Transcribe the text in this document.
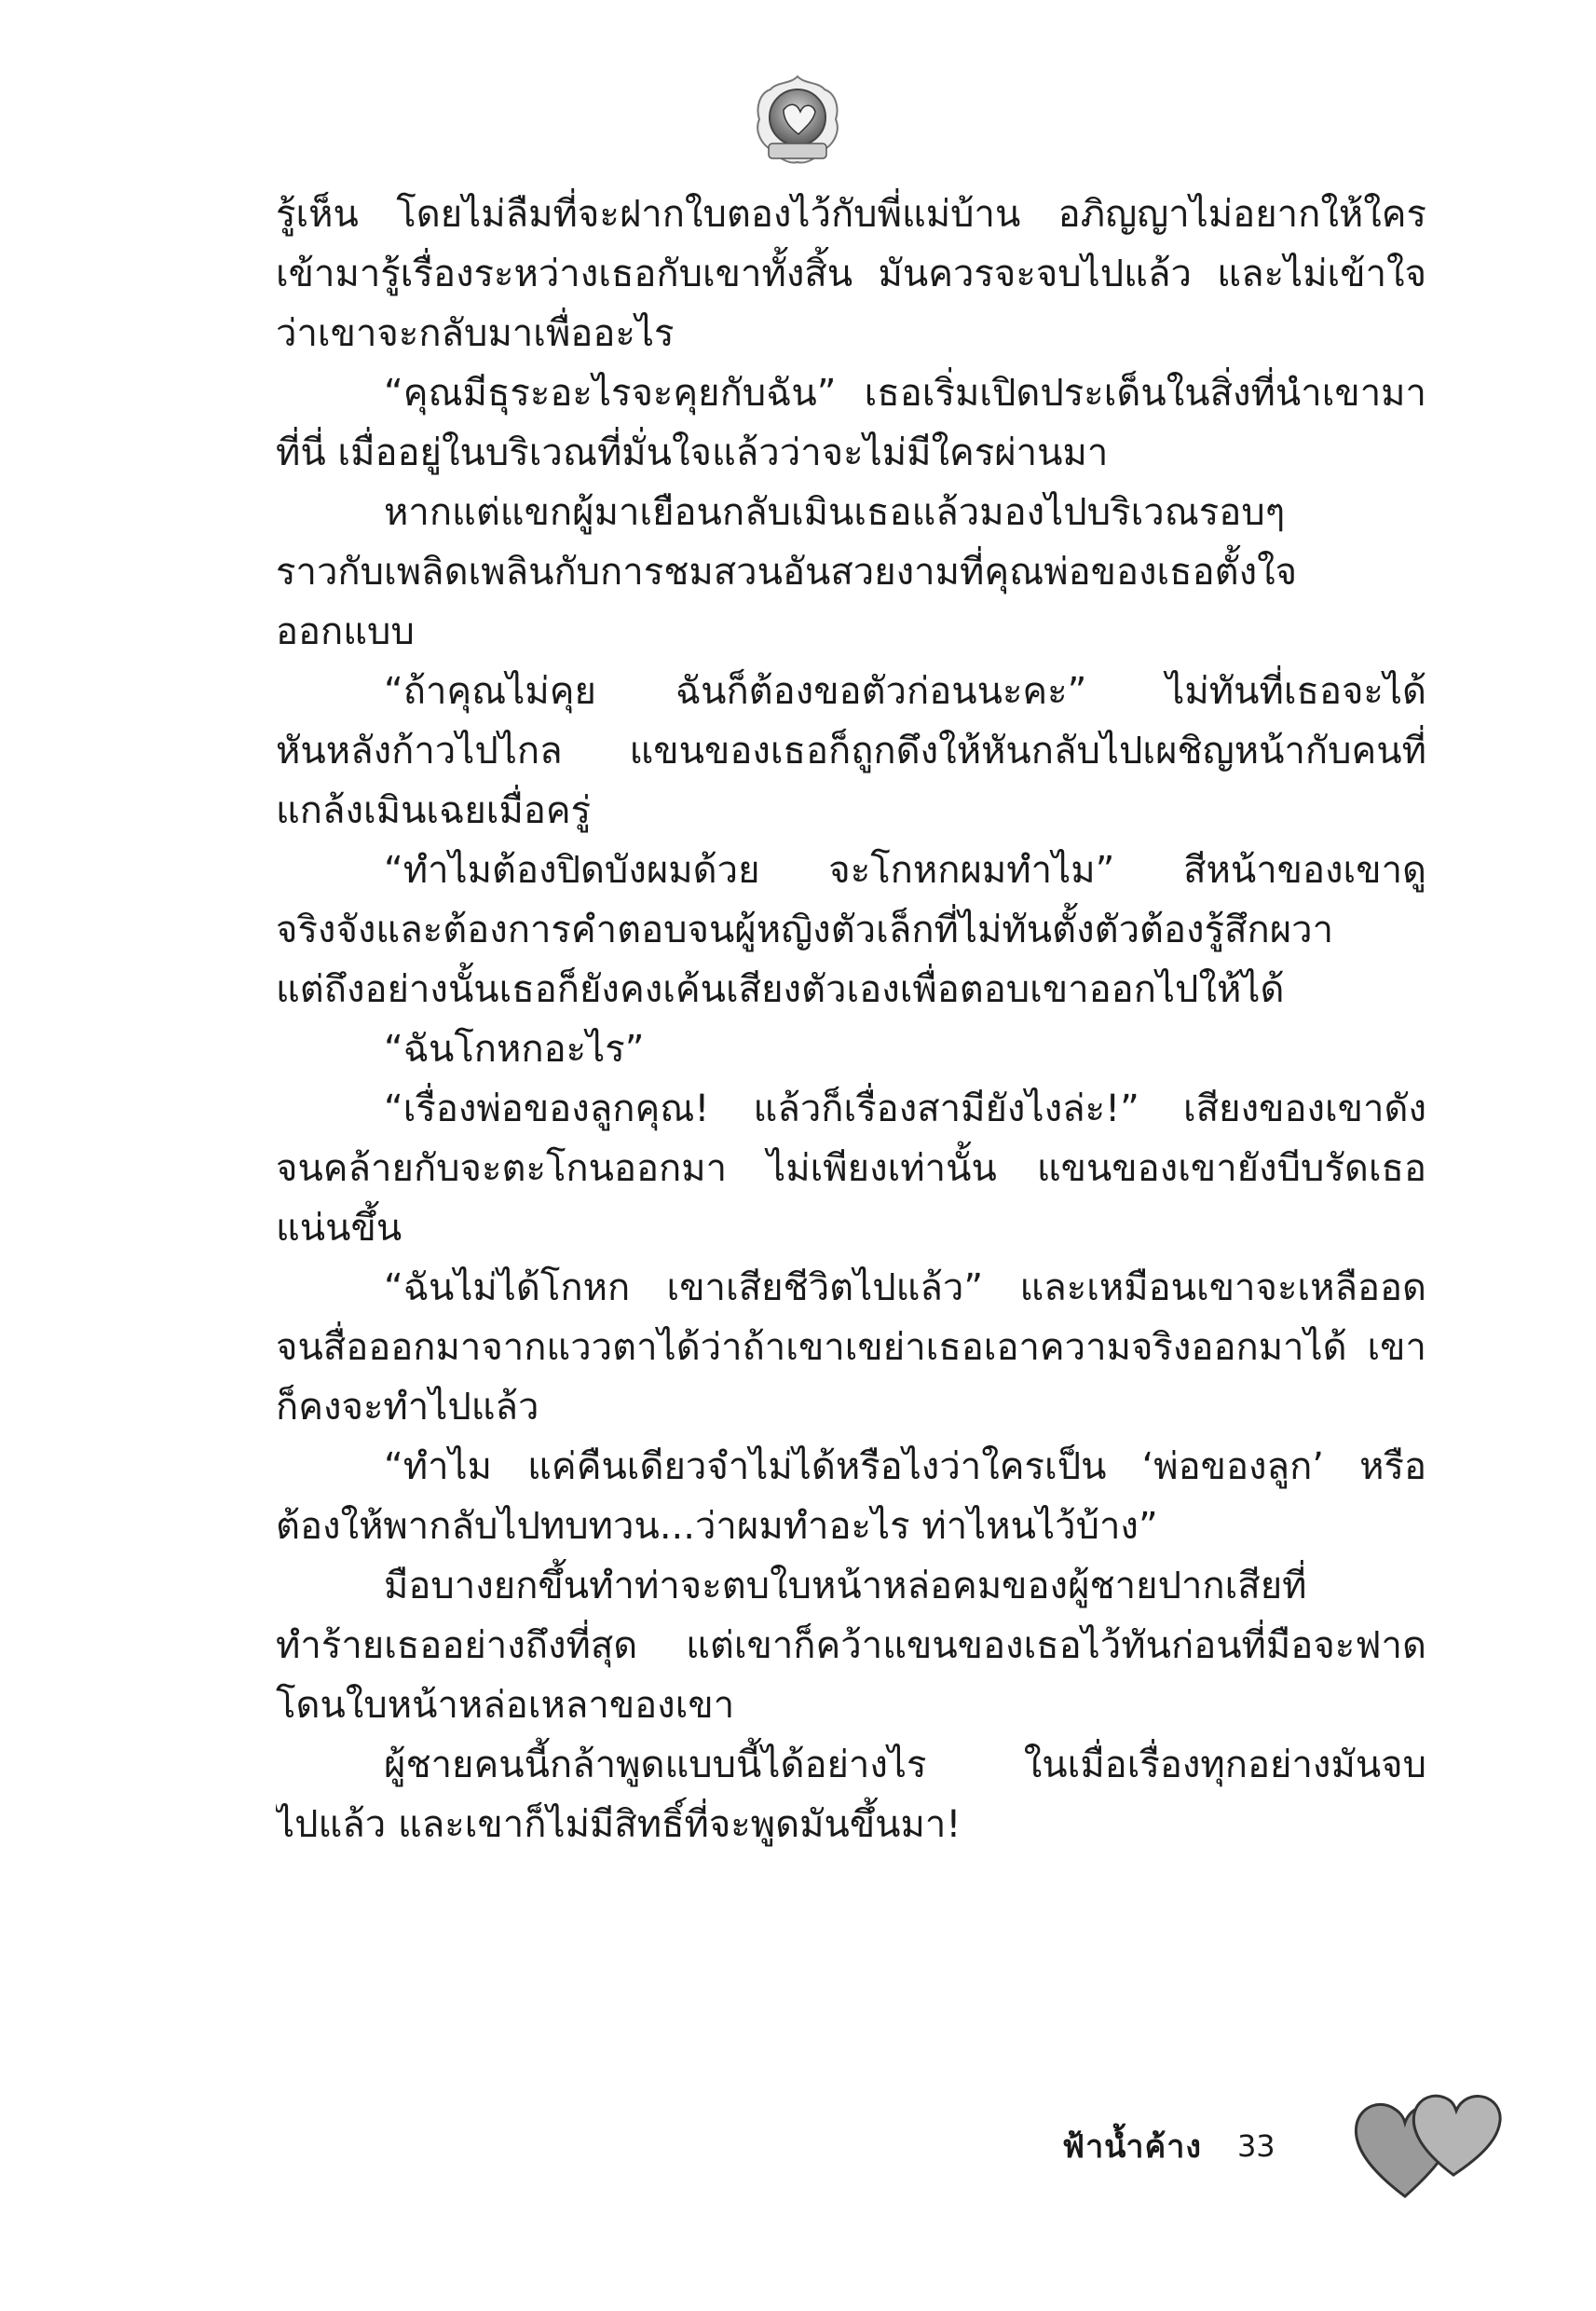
รู้เห็น โดยไม่ลืมที่จะฝากใบตองไว้กับพี่แม่บ้าน อภิญญาไม่อยากให้ใคร
เข้ามารู้เรื่องระหว่างเธอกับเขาทั้งสิ้น มันควรจะจบไปแล้ว และไม่เข้าใจ
ว่าเขาจะกลับมาเพื่ออะไร
“คุณมีธุระอะไรจะคุยกับฉัน” เธอเริ่มเปิดประเด็นในสิ่งที่นำเขามา
ที่นี่ เมื่ออยู่ในบริเวณที่มั่นใจแล้วว่าจะไม่มีใครผ่านมา
หากแต่แขกผู้มาเยือนกลับเมินเธอแล้วมองไปบริเวณรอบๆ
ราวกับเพลิดเพลินกับการชมสวนอันสวยงามที่คุณพ่อของเธอตั้งใจ
ออกแบบ
“ถ้าคุณไม่คุย ฉันก็ต้องขอตัวก่อนนะคะ” ไม่ทันที่เธอจะได้
หันหลังก้าวไปไกล แขนของเธอก็ถูกดึงให้หันกลับไปเผชิญหน้ากับคนที่
แกล้งเมินเฉยเมื่อครู่
“ทำไมต้องปิดบังผมด้วย จะโกหกผมทำไม” สีหน้าของเขาดู
จริงจังและต้องการคำตอบจนผู้หญิงตัวเล็กที่ไม่ทันตั้งตัวต้องรู้สึกผวา
แต่ถึงอย่างนั้นเธอก็ยังคงเค้นเสียงตัวเองเพื่อตอบเขาออกไปให้ได้
“ฉันโกหกอะไร”
“เรื่องพ่อของลูกคุณ! แล้วก็เรื่องสามียังไงล่ะ!” เสียงของเขาดัง
จนคล้ายกับจะตะโกนออกมา ไม่เพียงเท่านั้น แขนของเขายังบีบรัดเธอ
แน่นขึ้น
“ฉันไม่ได้โกหก เขาเสียชีวิตไปแล้ว” และเหมือนเขาจะเหลืออด
จนสื่อออกมาจากแววตาได้ว่าถ้าเขาเขย่าเธอเอาความจริงออกมาได้ เขา
ก็คงจะทำไปแล้ว
“ทำไม แค่คืนเดียวจำไม่ได้หรือไงว่าใครเป็น ‘พ่อของลูก’ หรือ
ต้องให้พากลับไปทบทวน...ว่าผมทำอะไร ท่าไหนไว้บ้าง”
มือบางยกขึ้นทำท่าจะตบใบหน้าหล่อคมของผู้ชายปากเสียที่
ทำร้ายเธออย่างถึงที่สุด แต่เขาก็คว้าแขนของเธอไว้ทันก่อนที่มือจะฟาด
โดนใบหน้าหล่อเหลาของเขา
ผู้ชายคนนี้กล้าพูดแบบนี้ได้อย่างไร ในเมื่อเรื่องทุกอย่างมันจบ
ไปแล้ว และเขาก็ไม่มีสิทธิ์ที่จะพูดมันขึ้นมา!
ฟ้าน้ำค้าง 33
